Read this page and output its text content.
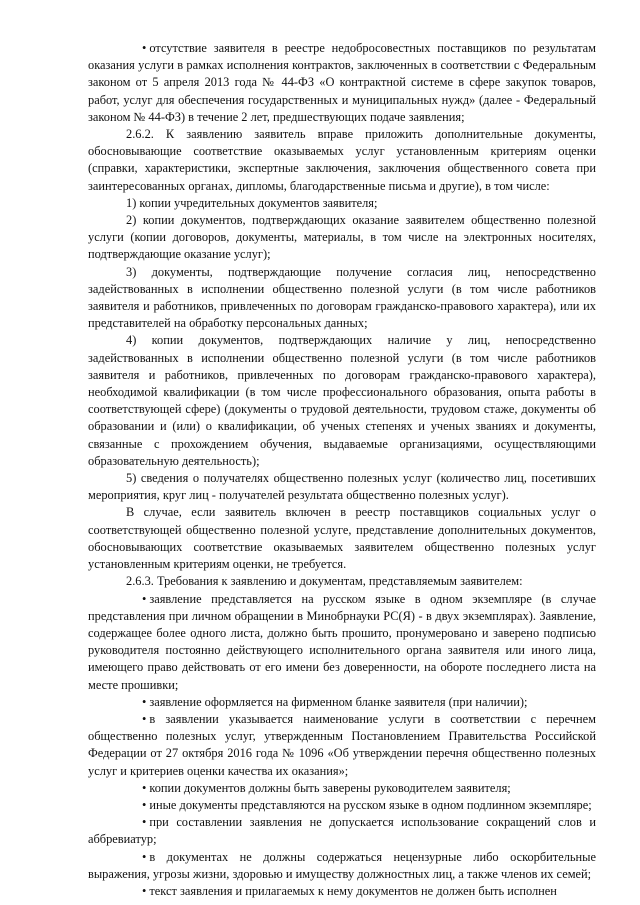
• отсутствие заявителя в реестре недобросовестных поставщиков по результатам оказания услуги в рамках исполнения контрактов, заключенных в соответствии с Федеральным законом от 5 апреля 2013 года № 44-ФЗ «О контрактной системе в сфере закупок товаров, работ, услуг для обеспечения государственных и муниципальных нужд» (далее - Федеральный законом № 44-ФЗ) в течение 2 лет, предшествующих подаче заявления;

2.6.2. К заявлению заявитель вправе приложить дополнительные документы, обосновывающие соответствие оказываемых услуг установленным критериям оценки (справки, характеристики, экспертные заключения, заключения общественного совета при заинтересованных органах, дипломы, благодарственные письма и другие), в том числе:

1) копии учредительных документов заявителя;

2) копии документов, подтверждающих оказание заявителем общественно полезной услуги (копии договоров, документы, материалы, в том числе на электронных носителях, подтверждающие оказание услуг);

3) документы, подтверждающие получение согласия лиц, непосредственно задействованных в исполнении общественно полезной услуги (в том числе работников заявителя и работников, привлеченных по договорам гражданско-правового характера), или их представителей на обработку персональных данных;

4) копии документов, подтверждающих наличие у лиц, непосредственно задействованных в исполнении общественно полезной услуги (в том числе работников заявителя и работников, привлеченных по договорам гражданско-правового характера), необходимой квалификации (в том числе профессионального образования, опыта работы в соответствующей сфере) (документы о трудовой деятельности, трудовом стаже, документы об образовании и (или) о квалификации, об ученых степенях и ученых званиях и документы, связанные с прохождением обучения, выдаваемые организациями, осуществляющими образовательную деятельность);

5) сведения о получателях общественно полезных услуг (количество лиц, посетивших мероприятия, круг лиц - получателей результата общественно полезных услуг).

В случае, если заявитель включен в реестр поставщиков социальных услуг о соответствующей общественно полезной услуге, представление дополнительных документов, обосновывающих соответствие оказываемых заявителем общественно полезных услуг установленным критериям оценки, не требуется.

2.6.3. Требования к заявлению и документам, представляемым заявителем:

• заявление представляется на русском языке в одном экземпляре (в случае представления при личном обращении в Минобрнауки РС(Я) - в двух экземплярах). Заявление, содержащее более одного листа, должно быть прошито, пронумеровано и заверено подписью руководителя постоянно действующего исполнительного органа заявителя или иного лица, имеющего право действовать от его имени без доверенности, на обороте последнего листа на месте прошивки;

• заявление оформляется на фирменном бланке заявителя (при наличии);

• в заявлении указывается наименование услуги в соответствии с перечнем общественно полезных услуг, утвержденным Постановлением Правительства Российской Федерации от 27 октября 2016 года № 1096 «Об утверждении перечня общественно полезных услуг и критериев оценки качества их оказания»;

• копии документов должны быть заверены руководителем заявителя;

• иные документы представляются на русском языке в одном подлинном экземпляре;

• при составлении заявления не допускается использование сокращений слов и аббревиатур;

• в документах не должны содержаться нецензурные либо оскорбительные выражения, угрозы жизни, здоровью и имуществу должностных лиц, а также членов их семей;

• текст заявления и прилагаемых к нему документов не должен быть исполнен
